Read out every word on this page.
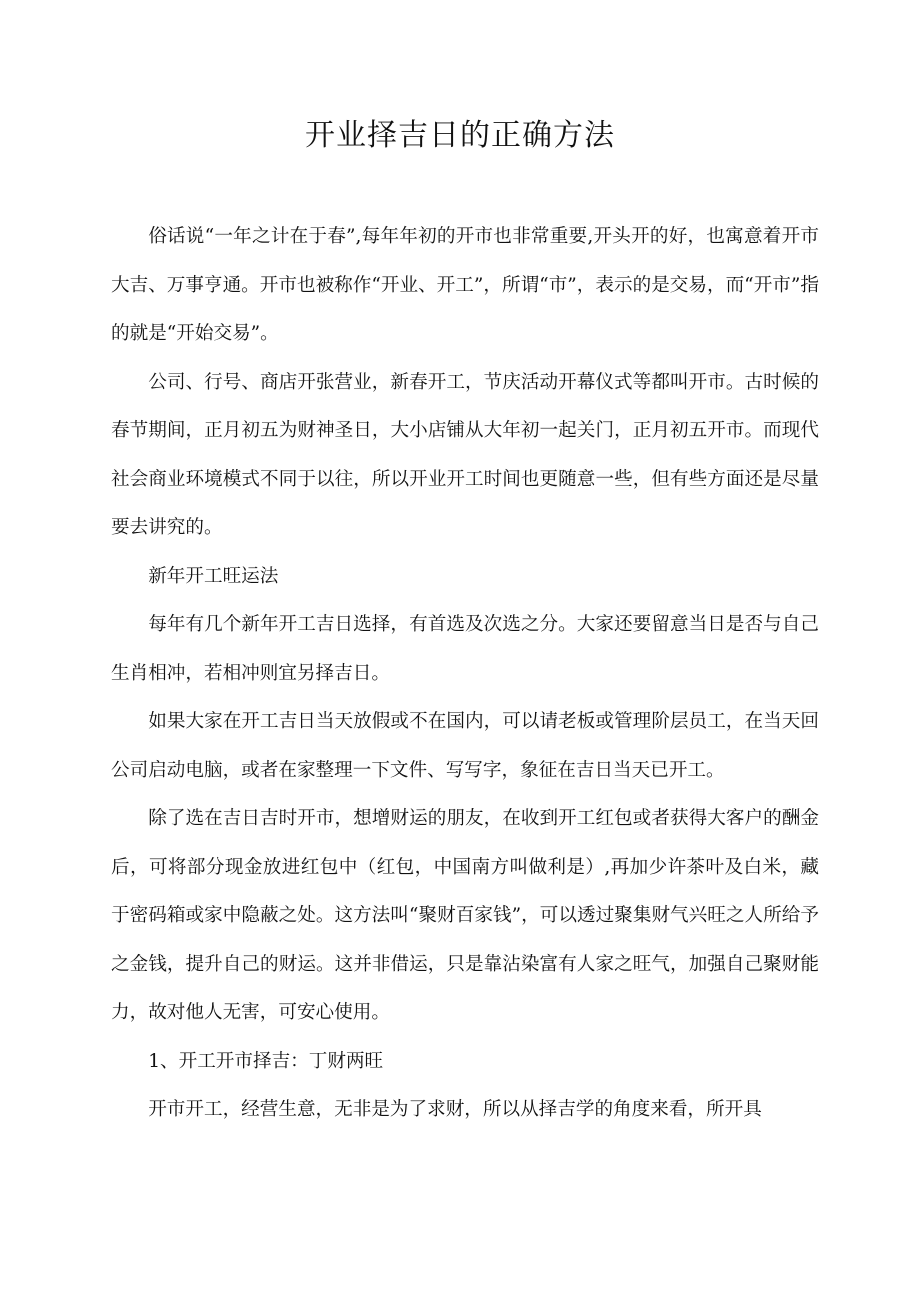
开业择吉日的正确方法

俗话说“一年之计在于春”,每年年初的开市也非常重要,开头开的好，也寓意着开市大吉、万事亨通。开市也被称作“开业、开工”，所谓“市”，表示的是交易，而“开市”指的就是“开始交易”。

公司、行号、商店开张营业，新春开工，节庆活动开幕仪式等都叫开市。古时候的春节期间，正月初五为财神圣日，大小店铺从大年初一起关门，正月初五开市。而现代社会商业环境模式不同于以往，所以开业开工时间也更随意一些，但有些方面还是尽量要去讲究的。

新年开工旺运法

每年有几个新年开工吉日选择，有首选及次选之分。大家还要留意当日是否与自己生肖相冲，若相冲则宜另择吉日。

如果大家在开工吉日当天放假或不在国内，可以请老板或管理阶层员工，在当天回公司启动电脑，或者在家整理一下文件、写写字，象征在吉日当天已开工。

除了选在吉日吉时开市，想增财运的朋友，在收到开工红包或者获得大客户的酬金后，可将部分现金放进红包中（红包，中国南方叫做利是）,再加少许茶叶及白米，藏于密码箱或家中隐蔽之处。这方法叫“聚财百家钱”，可以透过聚集财气兴旺之人所给予之金钱，提升自己的财运。这并非借运，只是靠沾染富有人家之旺气，加强自己聚财能力，故对他人无害，可安心使用。

1、开工开市择吉：丁财两旺

开市开工，经营生意，无非是为了求财，所以从择吉学的角度来看，所开具
